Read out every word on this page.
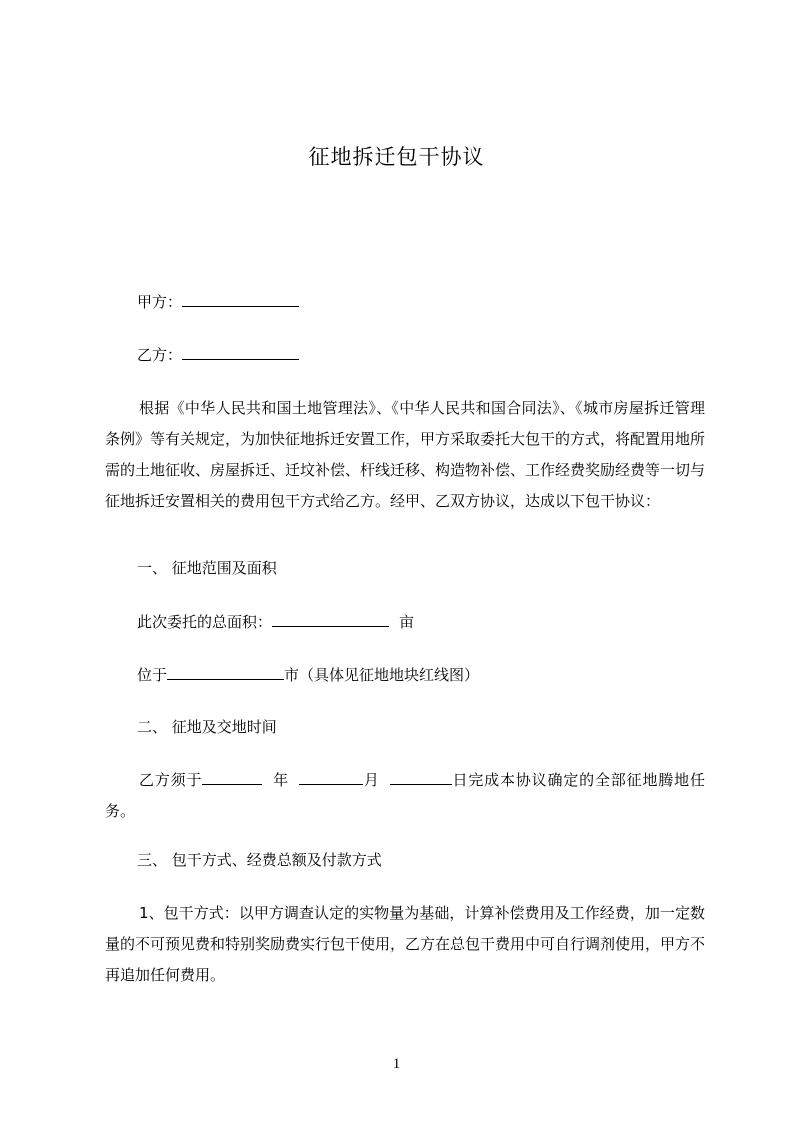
征地拆迁包干协议
甲方：
乙方：
根据《中华人民共和国土地管理法》、《中华人民共和国合同法》、《城市房屋拆迁管理条例》等有关规定，为加快征地拆迁安置工作，甲方采取委托大包干的方式，将配置用地所需的土地征收、房屋拆迁、迁坟补偿、杆线迁移、构造物补偿、工作经费奖励经费等一切与征地拆迁安置相关的费用包干方式给乙方。经甲、乙双方协议，达成以下包干协议：
一、 征地范围及面积
此次委托的总面积：	亩
位于	市（具体见征地地块红线图）
二、 征地及交地时间
乙方须于	年	月	日完成本协议确定的全部征地腾地任务。
三、 包干方式、经费总额及付款方式
1、包干方式：以甲方调查认定的实物量为基础，计算补偿费用及工作经费，加一定数量的不可预见费和特别奖励费实行包干使用，乙方在总包干费用中可自行调剂使用，甲方不再追加任何费用。
1
